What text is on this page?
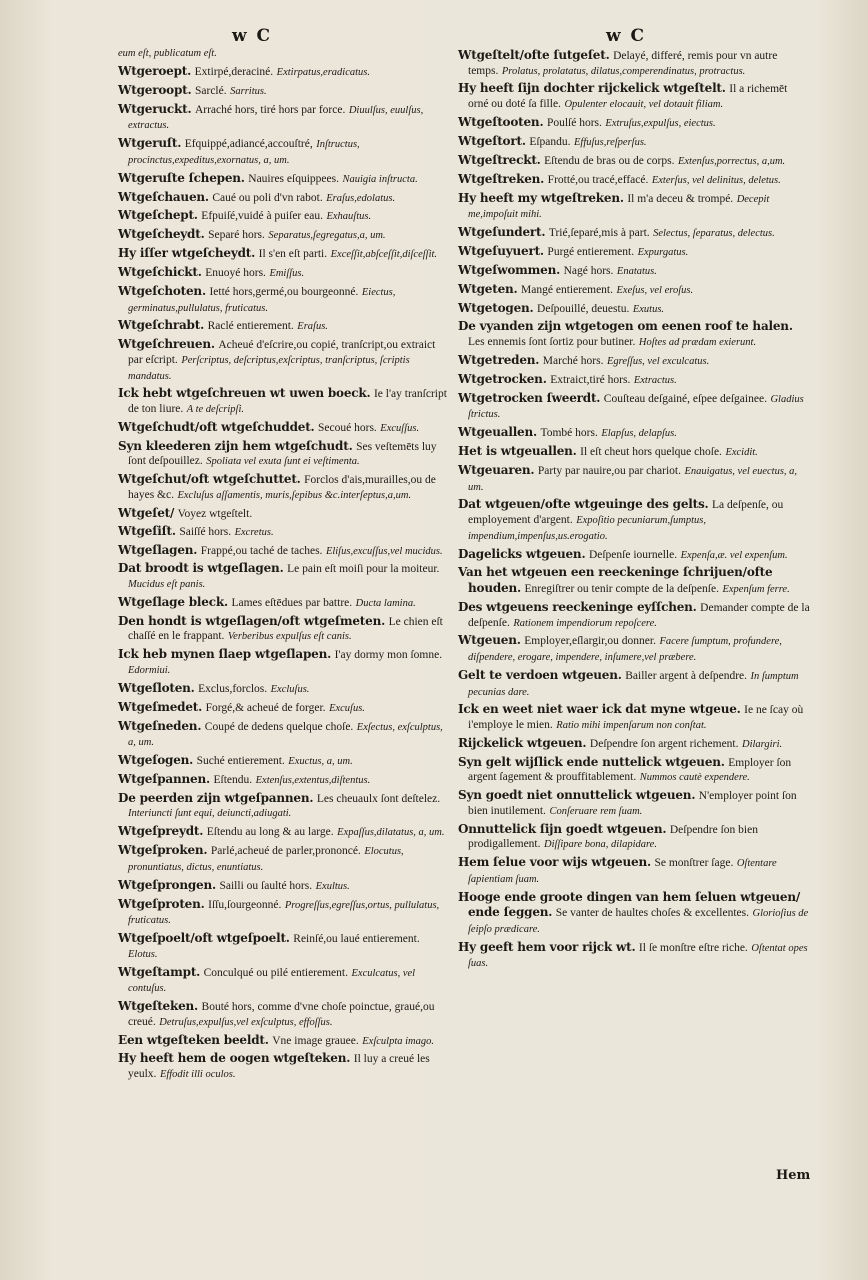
w C	w C
eum eſt, publicatum eſt.
Wtgeroept. Extirpé,deraciné. Extirpatus,eradicatus.
Wtgeroopt. Sarclé. Sarritus.
Wtgeruckt. Arraché hors, tiré hors par force. Diuulſus, euulſus, extractus.
Wtgeruſt. Efquippé,adiancé,accouſtré, Inſtructus, procinctus,expeditus,exornatus, a, um.
Wtgeruſte ſchepen. Nauires eſquippees. Nauigia inſtructa.
Wtgeſchauen. Caué ou poli d'vn rabot. Eraſus,edolatus.
Wtgeſchept. Efpuiſé,vuidé à puiſer eau. Exhauſtus.
Wtgeſcheydt. Separé hors. Separatus,ſegregatus,a, um.
Hy iſſer wtgeſcheydt. Il s'en eſt parti. Exceſſit,abſceſſit,diſceſſit.
Wtgeſchickt. Enuoyé hors. Emiſſus.
Wtgeſchoten. Ietté hors,germé,ou bourgeonné. Eiectus, germinatus,pullulatus, fruticatus.
Wtgeſchrabt. Raclé entierement. Eraſus.
Wtgeſchreuen. Acheué d'eſcrire,ou copié, tranſcript,ou extraict par eſcript. Perſcriptus, deſcriptus,exſcriptus, tranſcriptus, ſcriptis mandatus.
Ick hebt wtgeſchreuen wt uwen boeck. Ie l'ay tranſcript de ton liure. A te deſcripſi.
Wtgeſchudt/oft wtgeſchuddet. Secoué hors. Excuſſus.
Syn kleederen zijn hem wtgeſchudt. Ses veſtemēts luy ſont deſpouillez. Spoliata vel exuta ſunt ei veſtimenta.
Wtgeſchut/oft wtgeſchuttet. Forclos d'ais,murailles,ou de hayes &c. Excluſus aſſamentis, muris,ſepibus &c.interſeptus,a,um.
Wtgeſet/ Voyez wtgeſtelt.
Wtgeſiſt. Saiſſé hors. Excretus.
Wtgeſlagen. Frappé,ou taché de taches. Eliſus,excuſſus,vel mucidus.
Dat broodt is wtgeſlagen. Le pain eſt moiſi pour la moiteur. Mucidus eſt panis.
Wtgeſlage bleck. Lames eſtēdues par battre. Ducta lamina.
Den hondt is wtgeſlagen/oft wtgeſmeten. Le chien eſt chaſſé en le frappant. Verberibus expulſus eſt canis.
Ick heb mynen ſlaep wtgeſlapen. I'ay dormy mon ſomne. Edormiui.
Wtgeſloten. Exclus,forclos. Excluſus.
Wtgeſmedet. Forgé,& acheué de forger. Excuſus.
Wtgeſneden. Coupé de dedens quelque choſe. Exſectus, exſculptus, a, um.
Wtgeſogen. Suché entierement. Exuctus, a, um.
Wtgeſpannen. Eſtendu. Extenſus,extentus,diſtentus.
De peerden zijn wtgeſpannen. Les cheuaulx ſont deſtelez. Interiuncti ſunt equi, deiuncti,adiugati.
Wtgeſpreydt. Eſtendu au long & au large. Expaſſus,dilatatus, a, um.
Wtgeſproken. Parlé,acheué de parler,prononcé. Elocutus, pronuntiatus, dictus, enuntiatus.
Wtgeſprongen. Sailli ou ſaulté hors. Exultus.
Wtgeſproten. Iſſu,ſourgeonné. Progreſſus,egreſſus,ortus, pullulatus, fruticatus.
Wtgeſpoelt/oft wtgeſpoelt. Reinſé,ou laué entierement. Elotus.
Wtgeſtampt. Conculqué ou pilé entierement. Exculcatus, vel contuſus.
Wtgeſteken. Bouté hors, comme d'vne choſe poinctue, graué,ou creué. Detruſus,expulſus,vel exſculptus, effoſſus.
Een wtgeſteken beeldt. Vne image grauee. Exſculpta imago.
Hy heeft hem de oogen wtgeſteken. Il luy a creué les yeulx. Effodit illi oculos.
Wtgeſtelt/ofte ſutgeſet. Delayé, differé, remis pour vn autre temps. Prolatus, prolatatus, dilatus,comperendinatus, protractus.
Hy heeft ſijn dochter rijckelick wtgeſtelt. Il a richemēt orné ou doté ſa fille. Opulenter elocauit, vel dotauit filiam.
Wtgeſtooten. Poulſé hors. Extruſus,expulſus, eiectus.
Wtgeſtort. Eſpandu. Effuſus,reſperſus.
Wtgeſtreckt. Eſtendu de bras ou de corps. Extenſus,porrectus, a,um.
Wtgeſtreken. Frotté,ou tracé,effacé. Exterſus, vel delinitus, deletus.
Hy heeft my wtgeſtreken. Il m'a deceu & trompé. Decepit me,impoſuit mihi.
Wtgeſundert. Trié,ſeparé,mis à part. Selectus, ſeparatus, delectus.
Wtgeſuyuert. Purgé entierement. Expurgatus.
Wtgeſwommen. Nagé hors. Enatatus.
Wtgeten. Mangé entierement. Exeſus, vel eroſus.
Wtgetogen. Deſpouillé, deuestu. Exutus.
De vyanden zijn wtgetogen om eenen roof te halen. Les ennemis ſont ſortiz pour butiner. Hoſtes ad prædam exierunt.
Wtgetreden. Marché hors. Egreſſus, vel exculcatus.
Wtgetrocken. Extraict,tiré hors. Extractus.
Wtgetrocken ſweerdt. Couſteau deſgainé, eſpee deſgainee. Gladius ſtrictus.
Wtgeuallen. Tombé hors. Elapſus, delapſus.
Het is wtgeuallen. Il eſt cheut hors quelque choſe. Excidit.
Wtgeuaren. Party par nauire,ou par chariot. Enauigatus, vel euectus, a, um.
Dat wtgeuen/ofte wtgeuinge des gelts. La deſpenſe, ou employement d'argent. Expoſitio pecuniarum,ſumptus, impendium,impenſus,us.erogatio.
Dagelicks wtgeuen. Deſpenſe iournelle. Expenſa,æ. vel expenſum.
Van het wtgeuen een reeckeninge ſchrijuen/ofte houden. Enregiſtrer ou tenir compte de la deſpenſe. Expenſum ferre.
Des wtgeuens reeckeninge eyſſchen. Demander compte de la deſpenſe. Rationem impendiorum repoſcere.
Wtgeuen. Employer,eſlargir,ou donner. Facere ſumptum, profundere, diſpendere, erogare, impendere, inſumere,vel præbere.
Gelt te verdoen wtgeuen. Bailler argent à deſpendre. In ſumptum pecunias dare.
Ick en weet niet waer ick dat myne wtgeue. Ie ne ſcay où i'employe le mien. Ratio mihi impenſarum non conſtat.
Rijckelick wtgeuen. Deſpendre ſon argent richement. Dilargiri.
Syn gelt wijſlick ende nuttelick wtgeuen. Employer ſon argent ſagement & prouffitablement. Nummos cautè expendere.
Syn goedt niet onnuttelick wtgeuen. N'employer point ſon bien inutilement. Conſeruare rem ſuam.
Onnuttelick ſijn goedt wtgeuen. Deſpendre ſon bien prodigallement. Diſſipare bona, dilapidare.
Hem ſelue voor wijs wtgeuen. Se monſtrer ſage. Oſtentare ſapientiam ſuam.
Hooge ende groote dingen van hem ſeluen wtgeuen/ ende ſeggen. Se vanter de haultes choſes & excellentes. Glorioſius de ſeipſo prædicare.
Hy geeft hem voor rijck wt. Il ſe monſtre eſtre riche. Oſtentat opes ſuas.
Hem
